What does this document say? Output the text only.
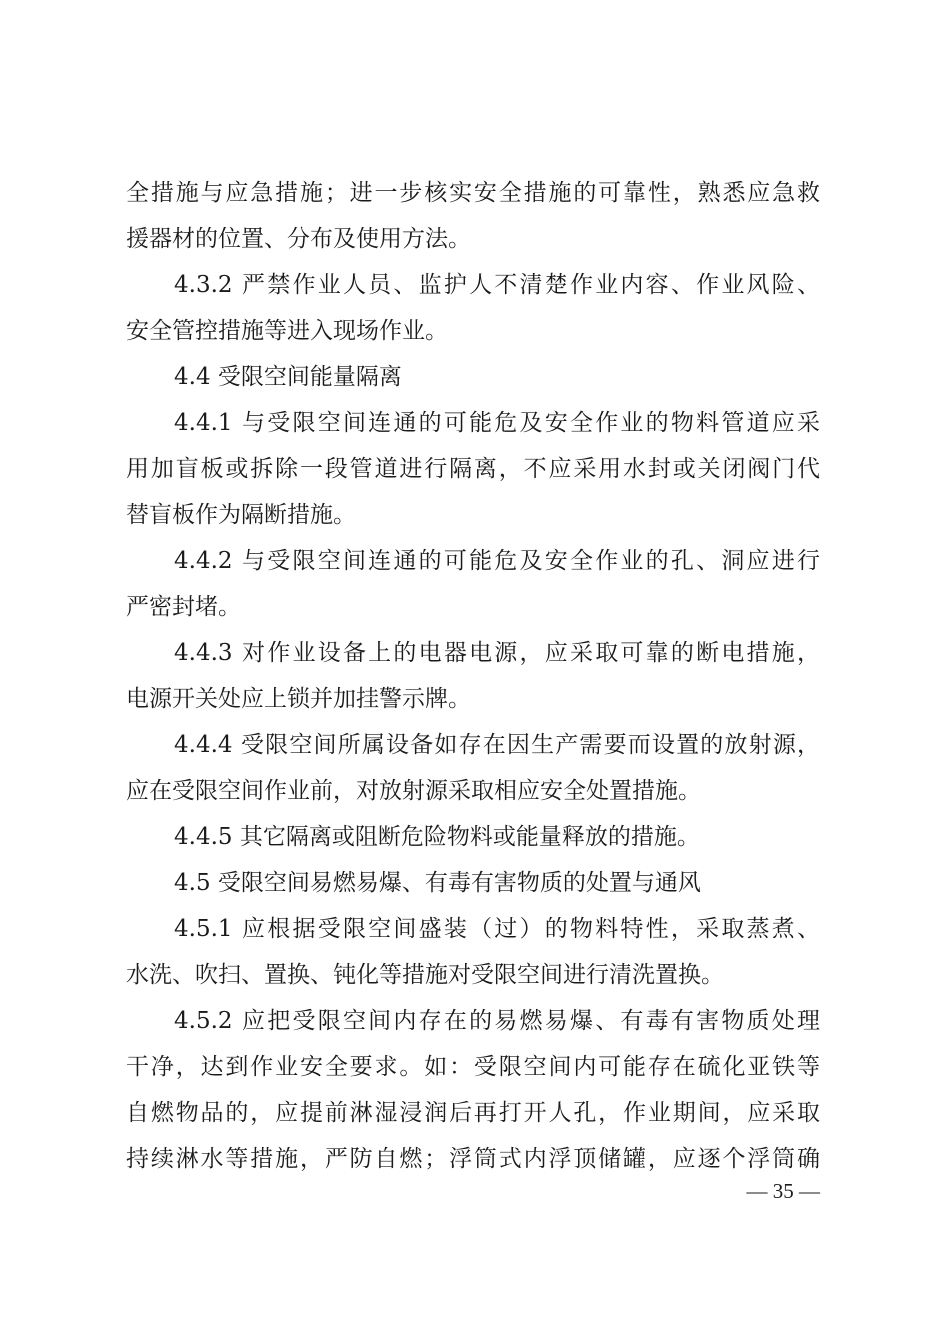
全措施与应急措施；进一步核实安全措施的可靠性，熟悉应急救
援器材的位置、分布及使用方法。
4.3.2 严禁作业人员、监护人不清楚作业内容、作业风险、
安全管控措施等进入现场作业。
4.4 受限空间能量隔离
4.4.1 与受限空间连通的可能危及安全作业的物料管道应采
用加盲板或拆除一段管道进行隔离，不应采用水封或关闭阀门代
替盲板作为隔断措施。
4.4.2 与受限空间连通的可能危及安全作业的孔、洞应进行
严密封堵。
4.4.3 对作业设备上的电器电源，应采取可靠的断电措施，
电源开关处应上锁并加挂警示牌。
4.4.4 受限空间所属设备如存在因生产需要而设置的放射源，
应在受限空间作业前，对放射源采取相应安全处置措施。
4.4.5 其它隔离或阻断危险物料或能量释放的措施。
4.5 受限空间易燃易爆、有毒有害物质的处置与通风
4.5.1 应根据受限空间盛装（过）的物料特性，采取蒸煮、
水洗、吹扫、置换、钝化等措施对受限空间进行清洗置换。
4.5.2 应把受限空间内存在的易燃易爆、有毒有害物质处理
干净，达到作业安全要求。如：受限空间内可能存在硫化亚铁等
自燃物品的，应提前淋湿浸润后再打开人孔，作业期间，应采取
持续淋水等措施，严防自燃；浮筒式内浮顶储罐，应逐个浮筒确
— 35 —
